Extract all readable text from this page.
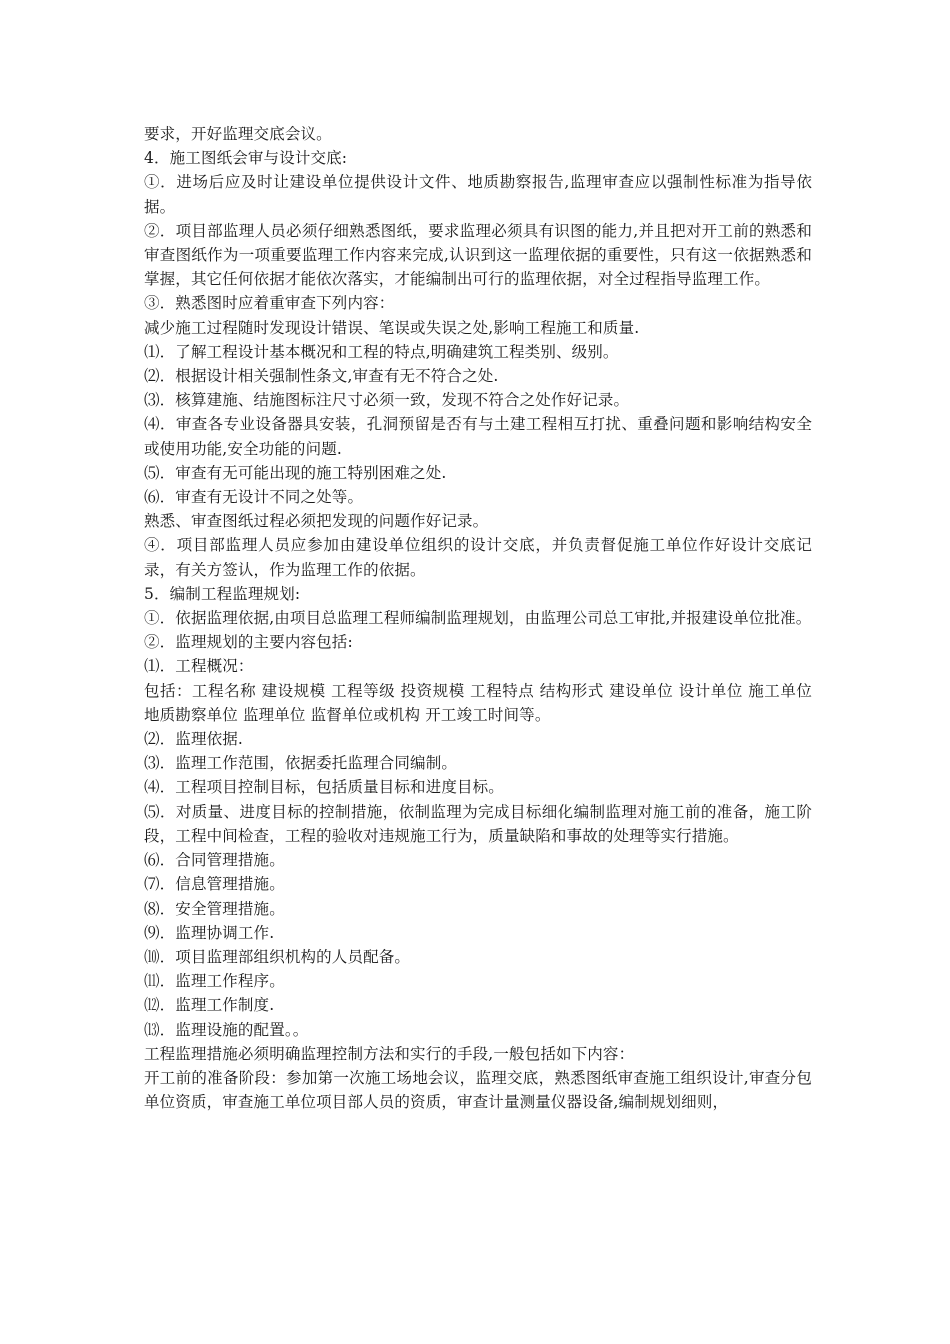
要求，开好监理交底会议。

4．施工图纸会审与设计交底:

①．进场后应及时让建设单位提供设计文件、地质勘察报告,监理审查应以强制性标准为指导依据。

②．项目部监理人员必须仔细熟悉图纸，要求监理必须具有识图的能力,并且把对开工前的熟悉和审查图纸作为一项重要监理工作内容来完成,认识到这一监理依据的重要性，只有这一依据熟悉和掌握，其它任何依据才能依次落实，才能编制出可行的监理依据，对全过程指导监理工作。

③．熟悉图时应着重审查下列内容：

减少施工过程随时发现设计错误、笔误或失误之处,影响工程施工和质量.

⑴．了解工程设计基本概况和工程的特点,明确建筑工程类别、级别。

⑵．根据设计相关强制性条文,审查有无不符合之处.

⑶．核算建施、结施图标注尺寸必须一致，发现不符合之处作好记录。

⑷．审查各专业设备器具安装，孔洞预留是否有与土建工程相互打扰、重叠问题和影响结构安全或使用功能,安全功能的问题.

⑸．审查有无可能出现的施工特别困难之处.

⑹．审查有无设计不同之处等。

熟悉、审查图纸过程必须把发现的问题作好记录。

④．项目部监理人员应参加由建设单位组织的设计交底，并负责督促施工单位作好设计交底记录，有关方签认，作为监理工作的依据。

5．编制工程监理规划:

①．依据监理依据,由项目总监理工程师编制监理规划，由监理公司总工审批,并报建设单位批准。

②．监理规划的主要内容包括:

⑴．工程概况：

包括：工程名称 建设规模 工程等级 投资规模 工程特点 结构形式 建设单位 设计单位 施工单位 地质勘察单位 监理单位 监督单位或机构 开工竣工时间等。

⑵．监理依据.

⑶．监理工作范围，依据委托监理合同编制。

⑷．工程项目控制目标，包括质量目标和进度目标。

⑸．对质量、进度目标的控制措施，依制监理为完成目标细化编制监理对施工前的准备，施工阶段，工程中间检查，工程的验收对违规施工行为，质量缺陷和事故的处理等实行措施。

⑹．合同管理措施。

⑺．信息管理措施。

⑻．安全管理措施。

⑼．监理协调工作.

⑽．项目监理部组织机构的人员配备。

⑾．监理工作程序。

⑿．监理工作制度.

⒀．监理设施的配置。。

工程监理措施必须明确监理控制方法和实行的手段,一般包括如下内容：

开工前的准备阶段：参加第一次施工场地会议，监理交底，熟悉图纸审查施工组织设计,审查分包单位资质，审查施工单位项目部人员的资质，审查计量测量仪器设备,编制规划细则，
